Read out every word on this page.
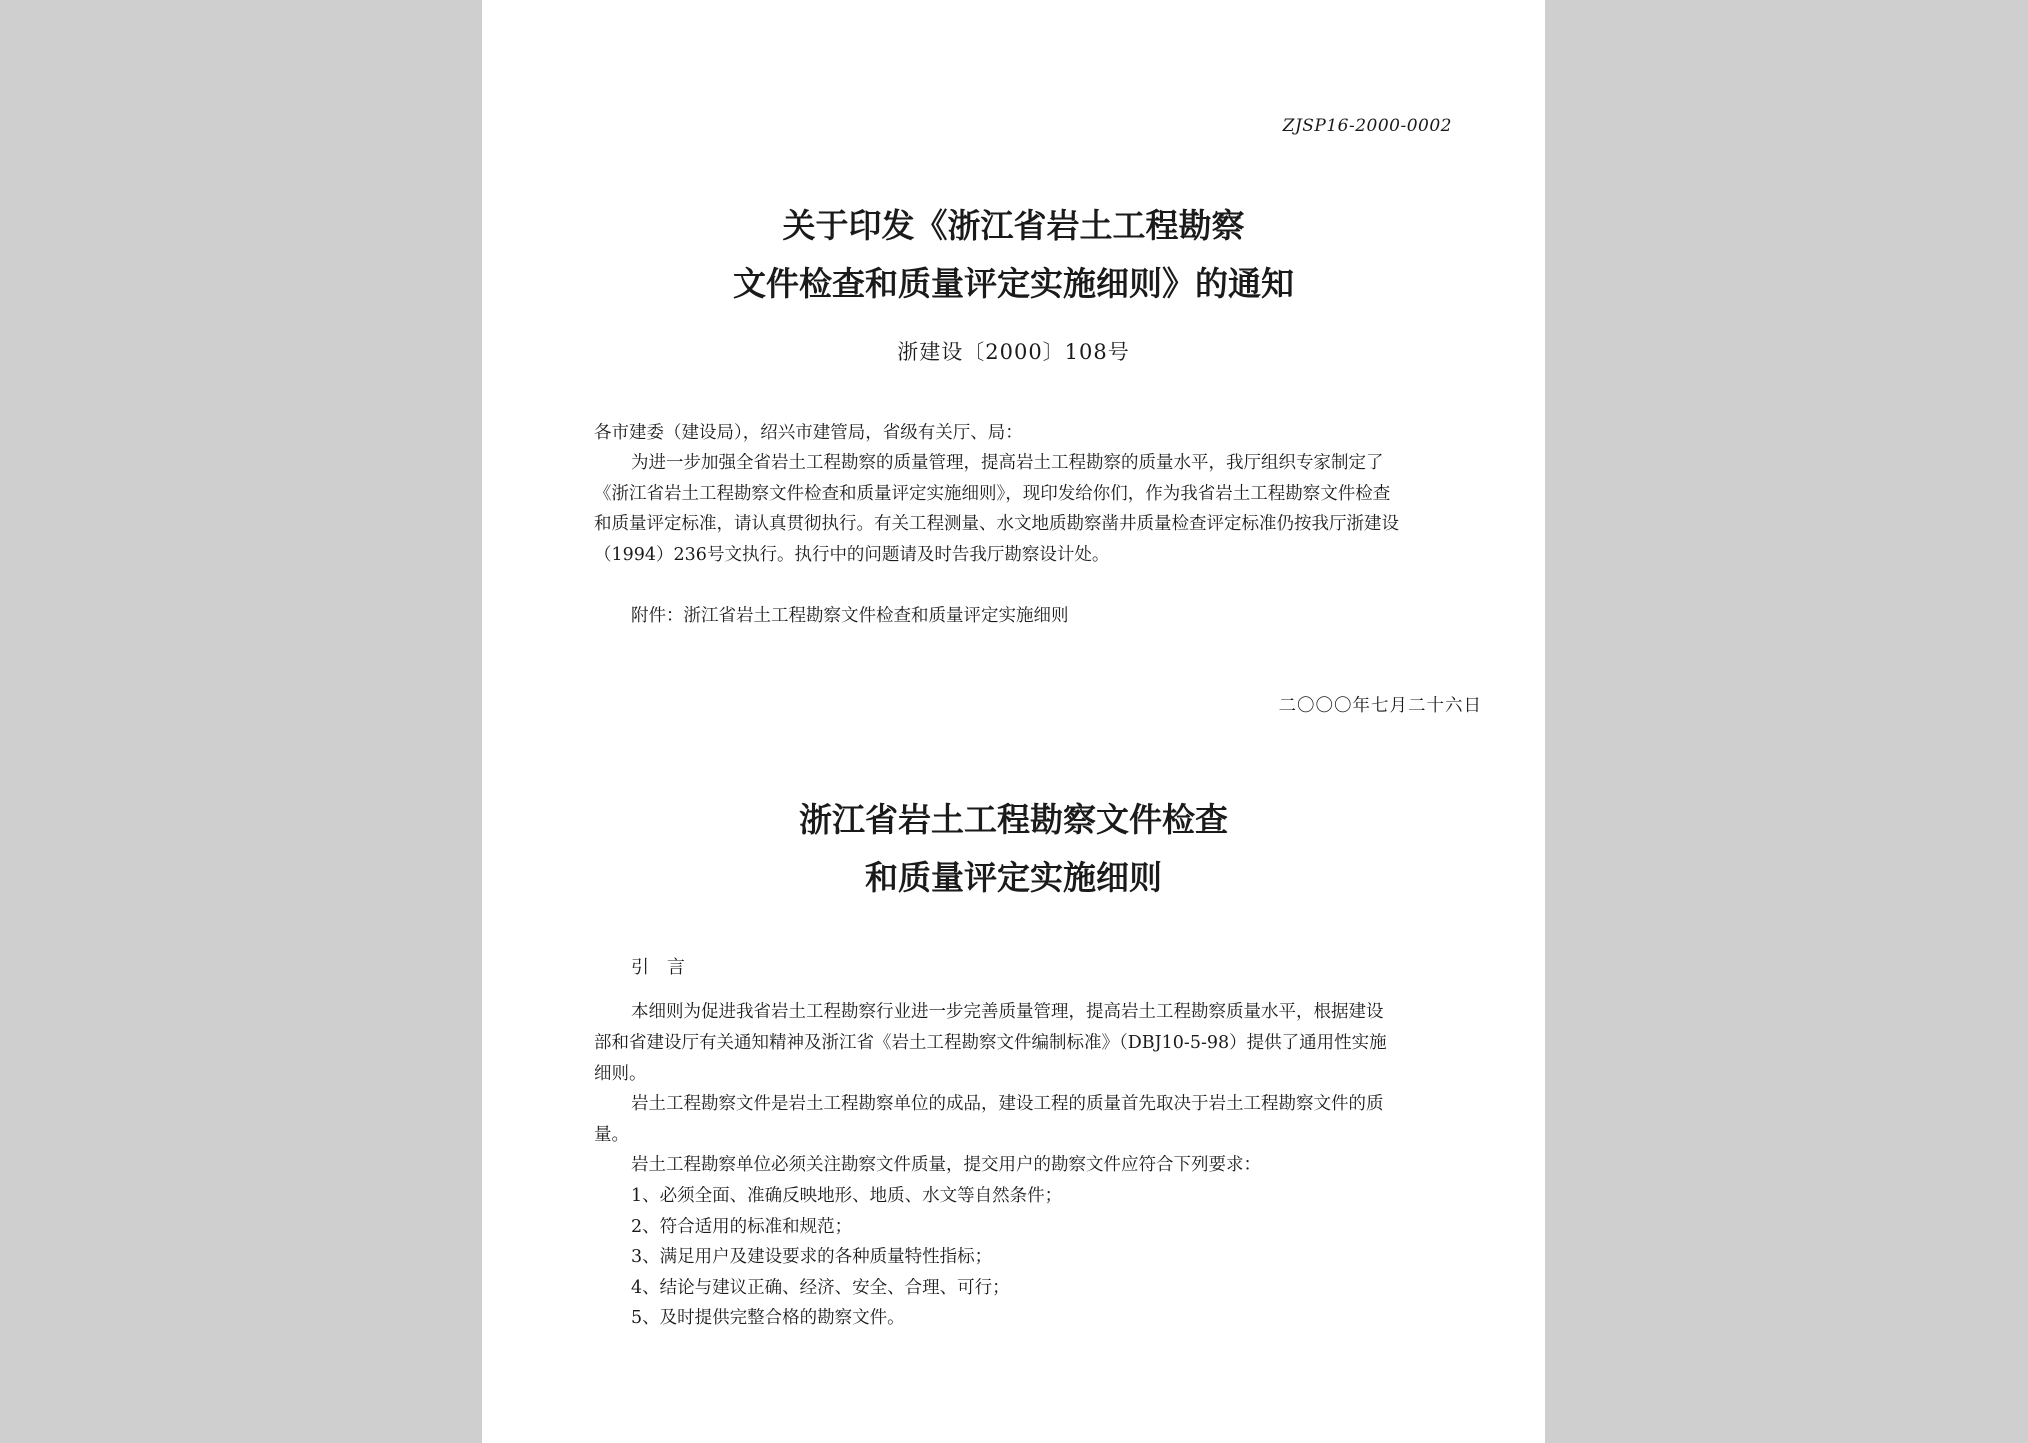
ZJSP16-2000-0002
关于印发《浙江省岩土工程勘察
文件检查和质量评定实施细则》的通知
浙建设〔2000〕108号
各市建委（建设局），绍兴市建管局，省级有关厅、局：
为进一步加强全省岩土工程勘察的质量管理，提高岩土工程勘察的质量水平，我厅组织专家制定了
《浙江省岩土工程勘察文件检查和质量评定实施细则》，现印发给你们，作为我省岩土工程勘察文件检查
和质量评定标准，请认真贯彻执行。有关工程测量、水文地质勘察凿井质量检查评定标准仍按我厅浙建设
（1994）236号文执行。执行中的问题请及时告我厅勘察设计处。
附件：浙江省岩土工程勘察文件检查和质量评定实施细则
二〇〇〇年七月二十六日
浙江省岩土工程勘察文件检查
和质量评定实施细则
引言
本细则为促进我省岩土工程勘察行业进一步完善质量管理，提高岩土工程勘察质量水平，根据建设
部和省建设厅有关通知精神及浙江省《岩土工程勘察文件编制标准》（DBJ10-5-98）提供了通用性实施
细则。
岩土工程勘察文件是岩土工程勘察单位的成品，建设工程的质量首先取决于岩土工程勘察文件的质
量。
岩土工程勘察单位必须关注勘察文件质量，提交用户的勘察文件应符合下列要求：
1、必须全面、准确反映地形、地质、水文等自然条件；
2、符合适用的标准和规范；
3、满足用户及建设要求的各种质量特性指标；
4、结论与建议正确、经济、安全、合理、可行；
5、及时提供完整合格的勘察文件。
